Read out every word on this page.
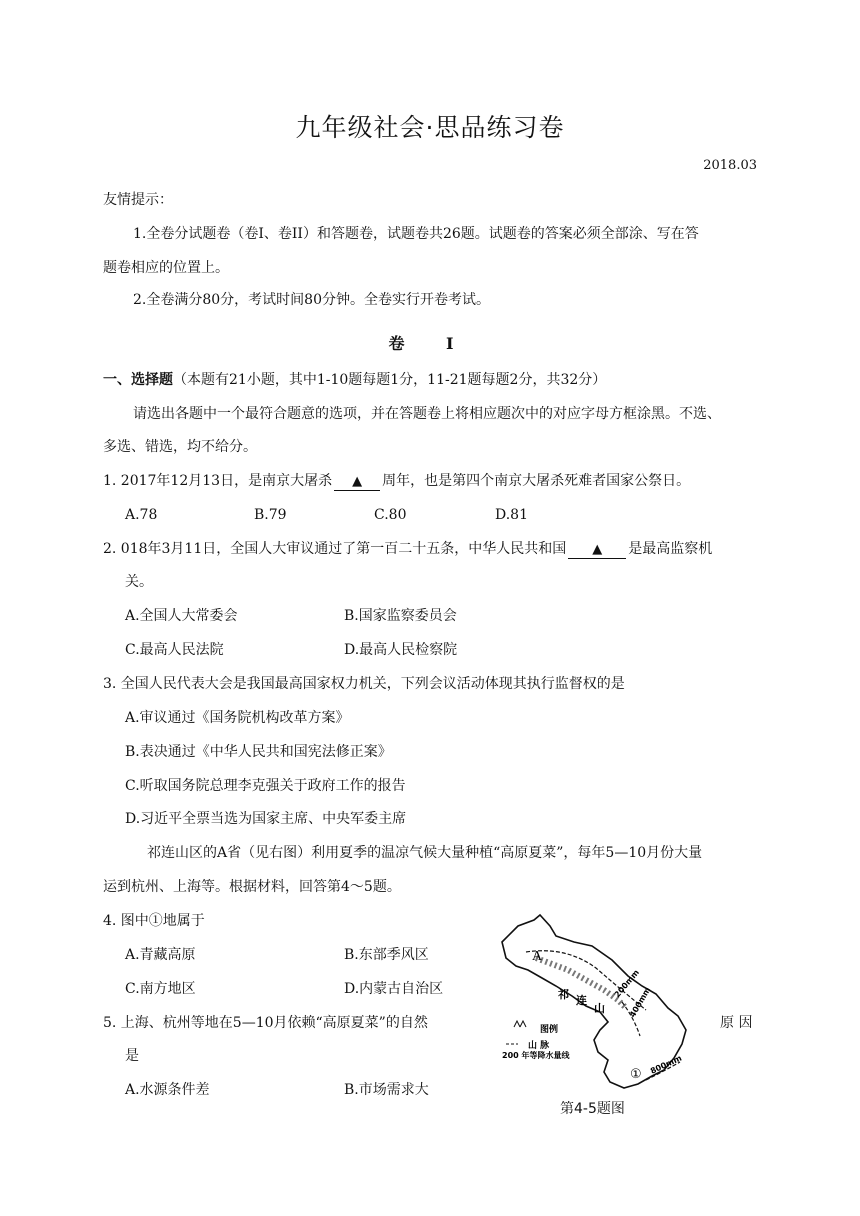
九年级社会·思品练习卷
2018.03
友情提示：
1.全卷分试题卷（卷I、卷II）和答题卷，试题卷共26题。试题卷的答案必须全部涂、写在答
题卷相应的位置上。
2.全卷满分80分，考试时间80分钟。全卷实行开卷考试。
卷 I
一、选择题（本题有21小题，其中1-10题每题1分，11-21题每题2分，共32分）
请选出各题中一个最符合题意的选项，并在答题卷上将相应题次中的对应字母方框涂黑。不选、
多选、错选，均不给分。
1. 2017年12月13日，是南京大屠杀 ▲ 周年，也是第四个南京大屠杀死难者国家公祭日。
A.78	B.79	C.80	D.81
2. 018年3月11日，全国人大审议通过了第一百二十五条，中华人民共和国 ▲ 是最高监察机
关。
A.全国人大常委会	B.国家监察委员会
C.最高人民法院	D.最高人民检察院
3. 全国人民代表大会是我国最高国家权力机关，下列会议活动体现其执行监督权的是
A.审议通过《国务院机构改革方案》
B.表决通过《中华人民共和国宪法修正案》
C.听取国务院总理李克强关于政府工作的报告
D.习近平全票当选为国家主席、中央军委主席
祁连山区的A省（见右图）利用夏季的温凉气候大量种植“高原夏菜”，每年5—10月份大量
运到杭州、上海等。根据材料，回答第4～5题。
4. 图中①地属于
A.青藏高原	B.东部季风区
C.南方地区	D.内蒙古自治区
5. 上海、杭州等地在5—10月依赖“高原夏菜”的自然	原 因
是
A.水源条件差	B.市场需求大
A
祁 连
山
图例
山 脉
200 年等降水量线
200mm
400mm
800mm
①
第4-5题图
